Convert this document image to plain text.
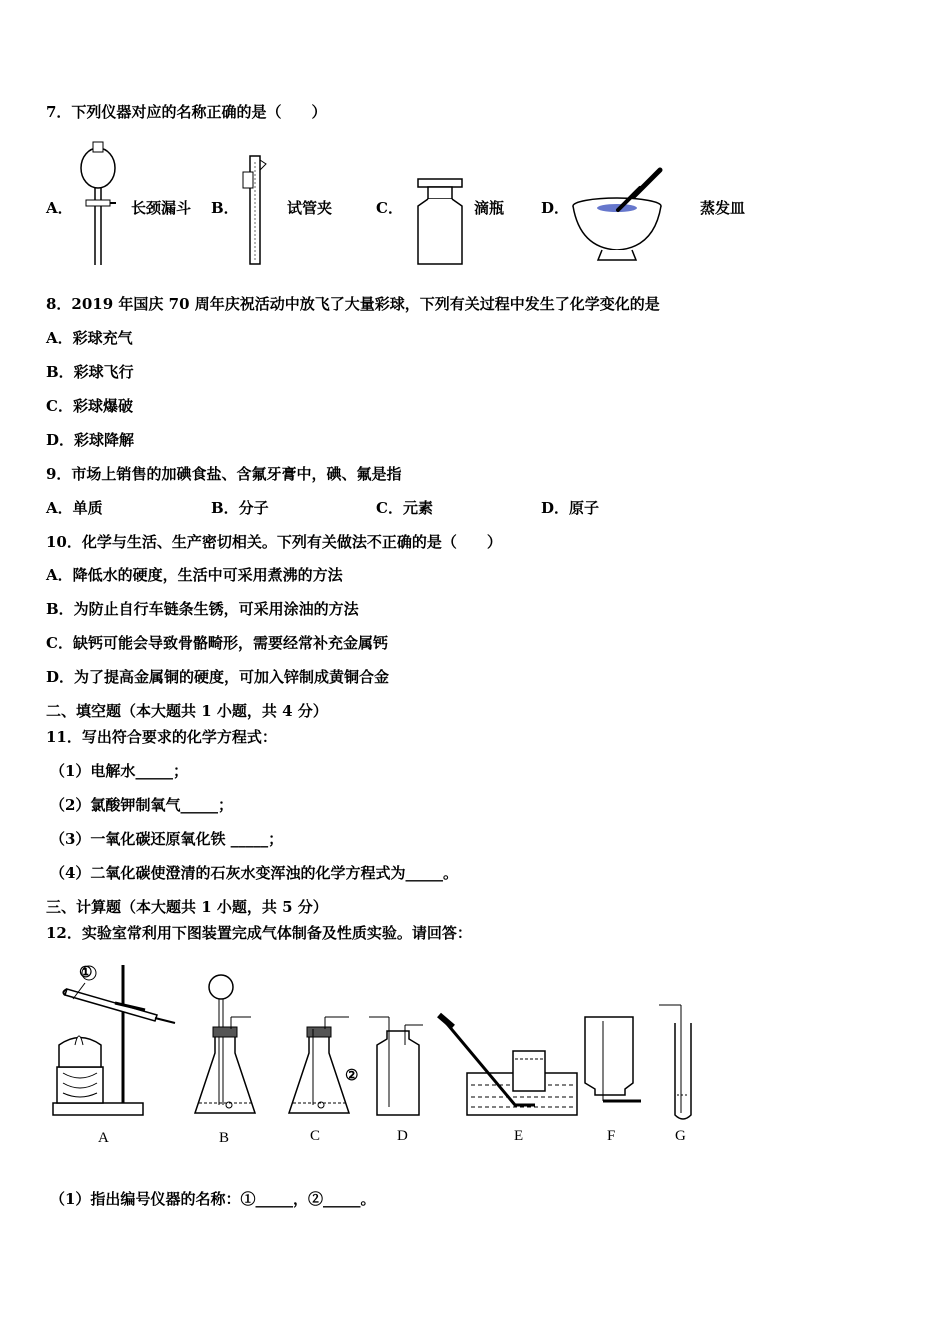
7．下列仪器对应的名称正确的是（　　）
A．	长颈漏斗 B．	试管夹	C．	滴瓶 D．	蒸发皿
8．2019 年国庆 70 周年庆祝活动中放飞了大量彩球，下列有关过程中发生了化学变化的是
A．彩球充气
B．彩球飞行
C．彩球爆破
D．彩球降解
9．市场上销售的加碘食盐、含氟牙膏中，碘、氟是指
A．单质	B．分子	C．元素	D．原子
10．化学与生活、生产密切相关。下列有关做法不正确的是（　　）
A．降低水的硬度，生活中可采用煮沸的方法
B．为防止自行车链条生锈，可采用涂油的方法
C．缺钙可能会导致骨骼畸形，需要经常补充金属钙
D．为了提高金属铜的硬度，可加入锌制成黄铜合金
二、填空题（本大题共 1 小题，共 4 分）
11．写出符合要求的化学方程式：
（1）电解水_____；
（2）氯酸钾制氧气_____；
（3）一氧化碳还原氧化铁 _____；
（4）二氧化碳使澄清的石灰水变浑浊的化学方程式为_____。
三、计算题（本大题共 1 小题，共 5 分）
12．实验室常利用下图装置完成气体制备及性质实验。请回答：
①
②
A	B	C	D	E	F	G
（1）指出编号仪器的名称：①_____，②_____。
